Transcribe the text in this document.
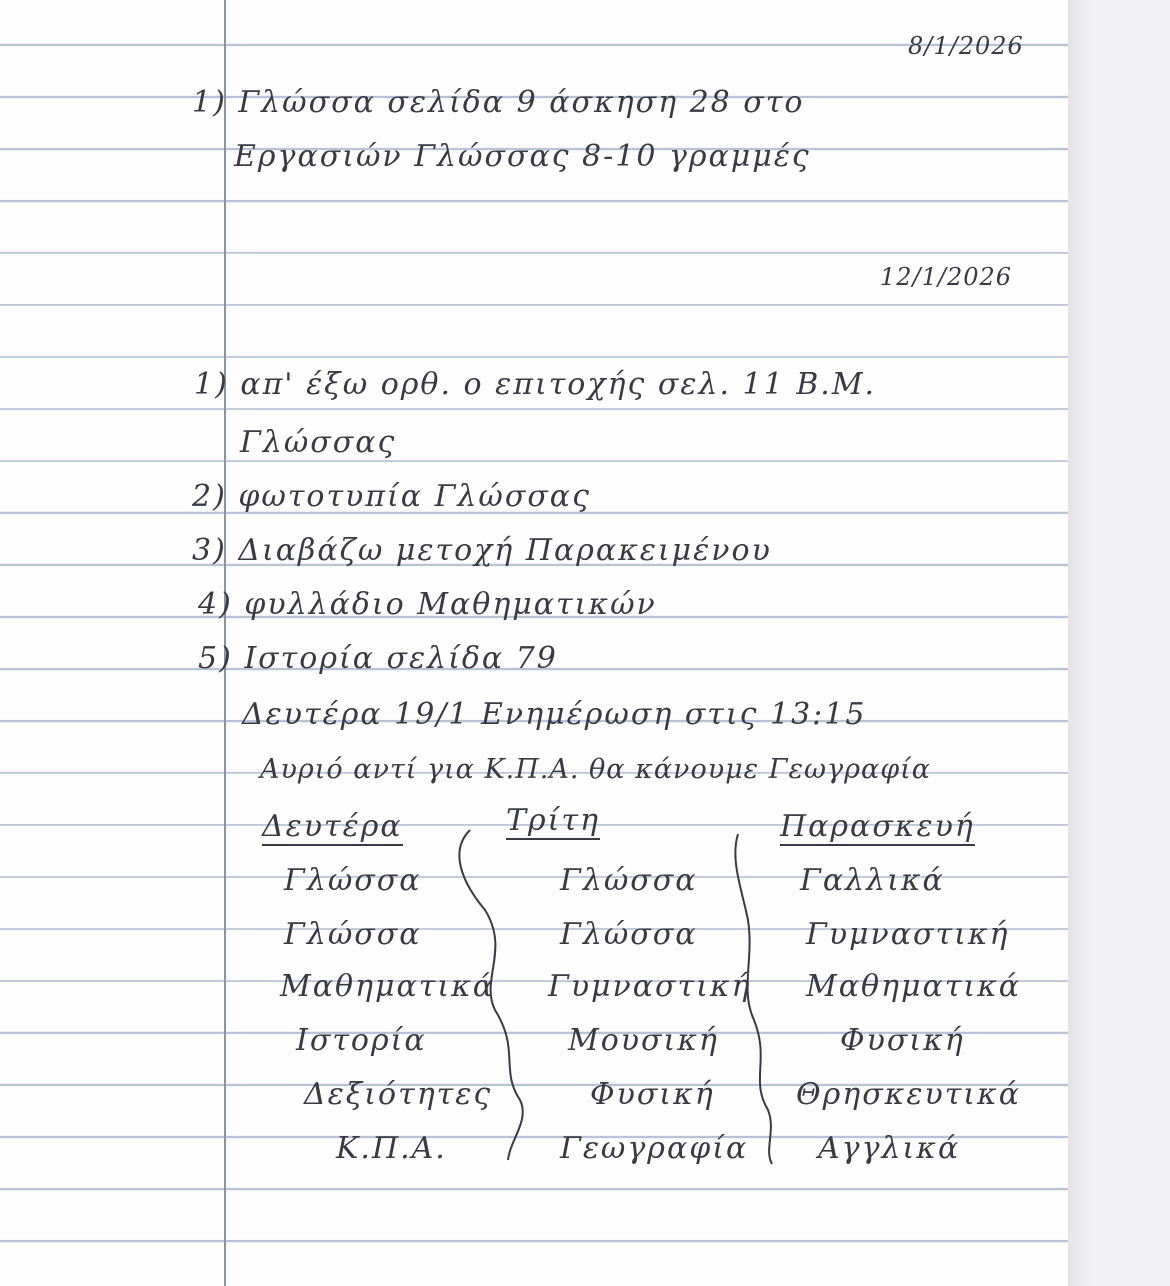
8/1/2026
1) Γλώσσα σελίδα 9 άσκηση 28 στο
Εργασιών Γλώσσας 8-10 γραμμές
12/1/2026
1) απ' έξω ορθ. ο επιτοχής σελ. 11 Β.Μ.
Γλώσσας
2) φωτοτυπία Γλώσσας
3) Διαβάζω μετοχή Παρακειμένου
4) φυλλάδιο Μαθηματικών
5) Ιστορία σελίδα 79
Δευτέρα 19/1 Ενημέρωση στις 13:15
Αυριό αντί για Κ.Π.Α. θα κάνουμε Γεωγραφία
Δευτέρα	Τρίτη	Παρασκευή
Γλώσσα
Γλώσσα
Μαθηματικά
Ιστορία
Δεξιότητες
Κ.Π.Α.
Γλώσσα
Γλώσσα
Γυμναστική
Μουσική
Φυσική
Γεωγραφία
Γαλλικά
Γυμναστική
Μαθηματικά
Φυσική
Θρησκευτικά
Αγγλικά
